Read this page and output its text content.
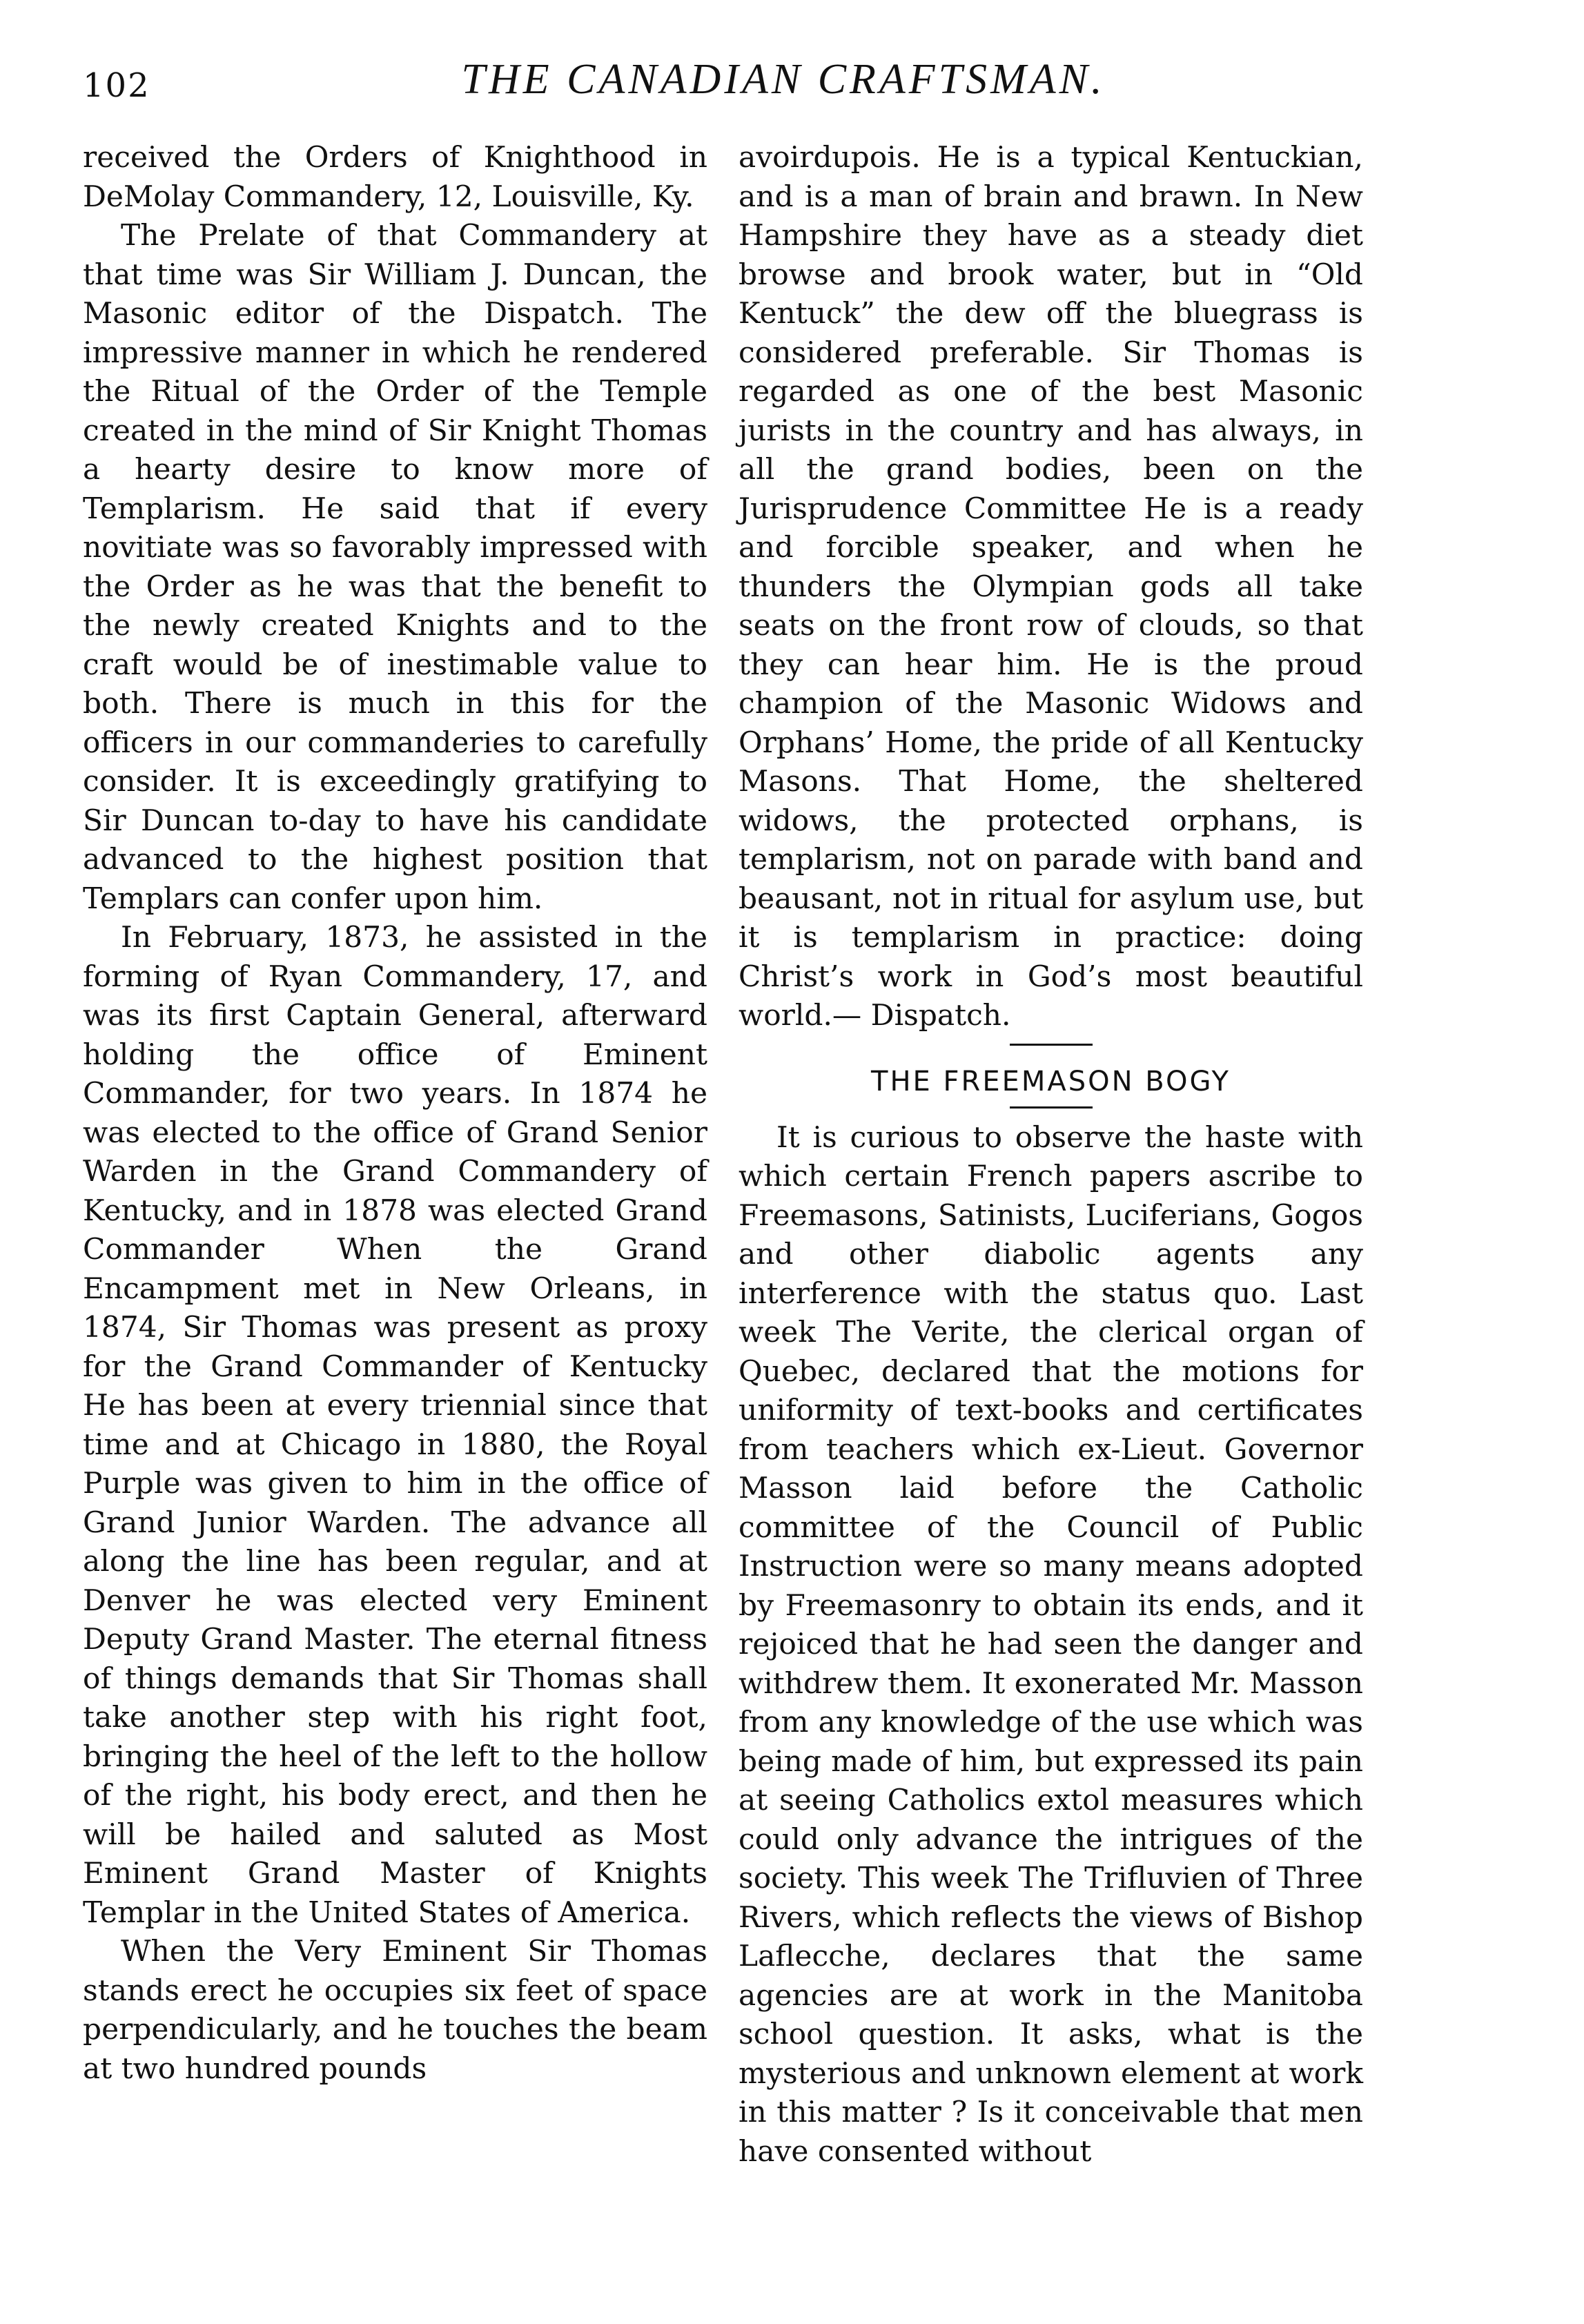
102	THE CANADIAN CRAFTSMAN.

received the Orders of Knighthood in DeMolay Commandery, 12, Louisville, Ky.

The Prelate of that Commandery at that time was Sir William J. Duncan, the Masonic editor of the Dispatch. The impressive manner in which he rendered the Ritual of the Order of the Temple created in the mind of Sir Knight Thomas a hearty desire to know more of Templarism. He said that if every novitiate was so favorably impressed with the Order as he was that the benefit to the newly created Knights and to the craft would be of inestimable value to both. There is much in this for the officers in our commanderies to carefully consider. It is exceedingly gratifying to Sir Duncan to-day to have his candidate advanced to the highest position that Templars can confer upon him.

In February, 1873, he assisted in the forming of Ryan Commandery, 17, and was its first Captain General, afterward holding the office of Eminent Commander, for two years. In 1874 he was elected to the office of Grand Senior Warden in the Grand Commandery of Kentucky, and in 1878 was elected Grand Commander When the Grand Encampment met in New Orleans, in 1874, Sir Thomas was present as proxy for the Grand Commander of Kentucky He has been at every triennial since that time and at Chicago in 1880, the Royal Purple was given to him in the office of Grand Junior Warden. The advance all along the line has been regular, and at Denver he was elected very Eminent Deputy Grand Master. The eternal fitness of things demands that Sir Thomas shall take another step with his right foot, bringing the heel of the left to the hollow of the right, his body erect, and then he will be hailed and saluted as Most Eminent Grand Master of Knights Templar in the United States of America.

When the Very Eminent Sir Thomas stands erect he occupies six feet of space perpendicularly, and he touches the beam at two hundred pounds

avoirdupois. He is a typical Kentuckian, and is a man of brain and brawn. In New Hampshire they have as a steady diet browse and brook water, but in “Old Kentuck” the dew off the bluegrass is considered preferable. Sir Thomas is regarded as one of the best Masonic jurists in the country and has always, in all the grand bodies, been on the Jurisprudence Committee He is a ready and forcible speaker, and when he thunders the Olympian gods all take seats on the front row of clouds, so that they can hear him. He is the proud champion of the Masonic Widows and Orphans’ Home, the pride of all Kentucky Masons. That Home, the sheltered widows, the protected orphans, is templarism, not on parade with band and beausant, not in ritual for asylum use, but it is templarism in practice: doing Christ’s work in God’s most beautiful world.— Dispatch.

THE FREEMASON BOGY

It is curious to observe the haste with which certain French papers ascribe to Freemasons, Satinists, Luciferians, Gogos and other diabolic agents any interference with the status quo. Last week The Verite, the clerical organ of Quebec, declared that the motions for uniformity of text-books and certificates from teachers which ex-Lieut. Governor Masson laid before the Catholic committee of the Council of Public Instruction were so many means adopted by Freemasonry to obtain its ends, and it rejoiced that he had seen the danger and withdrew them. It exonerated Mr. Masson from any knowledge of the use which was being made of him, but expressed its pain at seeing Catholics extol measures which could only advance the intrigues of the society. This week The Trifluvien of Three Rivers, which reflects the views of Bishop Laflecche, declares that the same agencies are at work in the Manitoba school question. It asks, what is the mysterious and unknown element at work in this matter ? Is it conceivable that men have consented without
